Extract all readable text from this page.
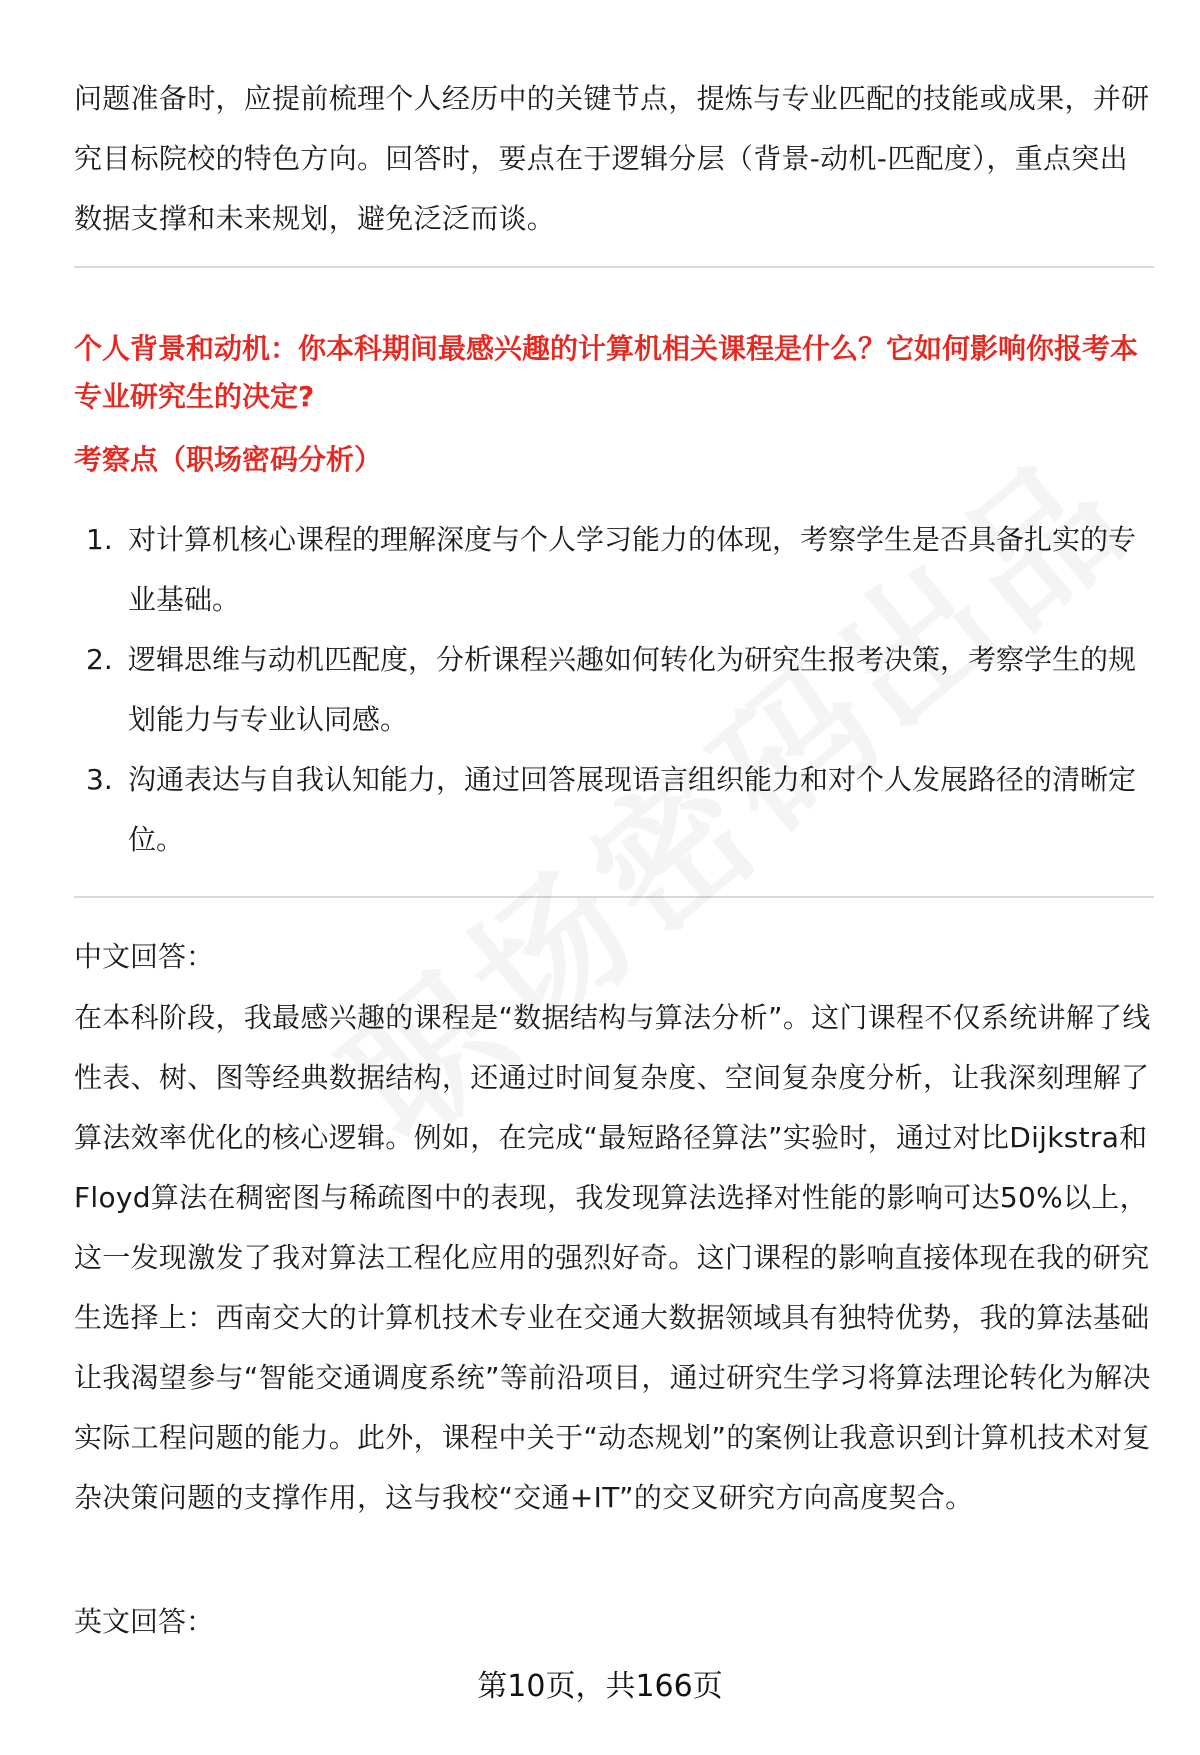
问题准备时，应提前梳理个人经历中的关键节点，提炼与专业匹配的技能或成果，并研究目标院校的特色方向。回答时，要点在于逻辑分层（背景-动机-匹配度），重点突出数据支撑和未来规划，避免泛泛而谈。

个人背景和动机：你本科期间最感兴趣的计算机相关课程是什么？它如何影响你报考本专业研究生的决定?

考察点（职场密码分析）

1. 对计算机核心课程的理解深度与个人学习能力的体现，考察学生是否具备扎实的专业基础。
2. 逻辑思维与动机匹配度，分析课程兴趣如何转化为研究生报考决策，考察学生的规划能力与专业认同感。
3. 沟通表达与自我认知能力，通过回答展现语言组织能力和对个人发展路径的清晰定位。

中文回答：

在本科阶段，我最感兴趣的课程是“数据结构与算法分析”。这门课程不仅系统讲解了线性表、树、图等经典数据结构，还通过时间复杂度、空间复杂度分析，让我深刻理解了算法效率优化的核心逻辑。例如，在完成“最短路径算法”实验时，通过对比Dijkstra和Floyd算法在稠密图与稀疏图中的表现，我发现算法选择对性能的影响可达50%以上，这一发现激发了我对算法工程化应用的强烈好奇。这门课程的影响直接体现在我的研究生选择上：西南交大的计算机技术专业在交通大数据领域具有独特优势，我的算法基础让我渴望参与“智能交通调度系统”等前沿项目，通过研究生学习将算法理论转化为解决实际工程问题的能力。此外，课程中关于“动态规划”的案例让我意识到计算机技术对复杂决策问题的支撑作用，这与我校“交通+IT”的交叉研究方向高度契合。

英文回答：

第10页，共166页
